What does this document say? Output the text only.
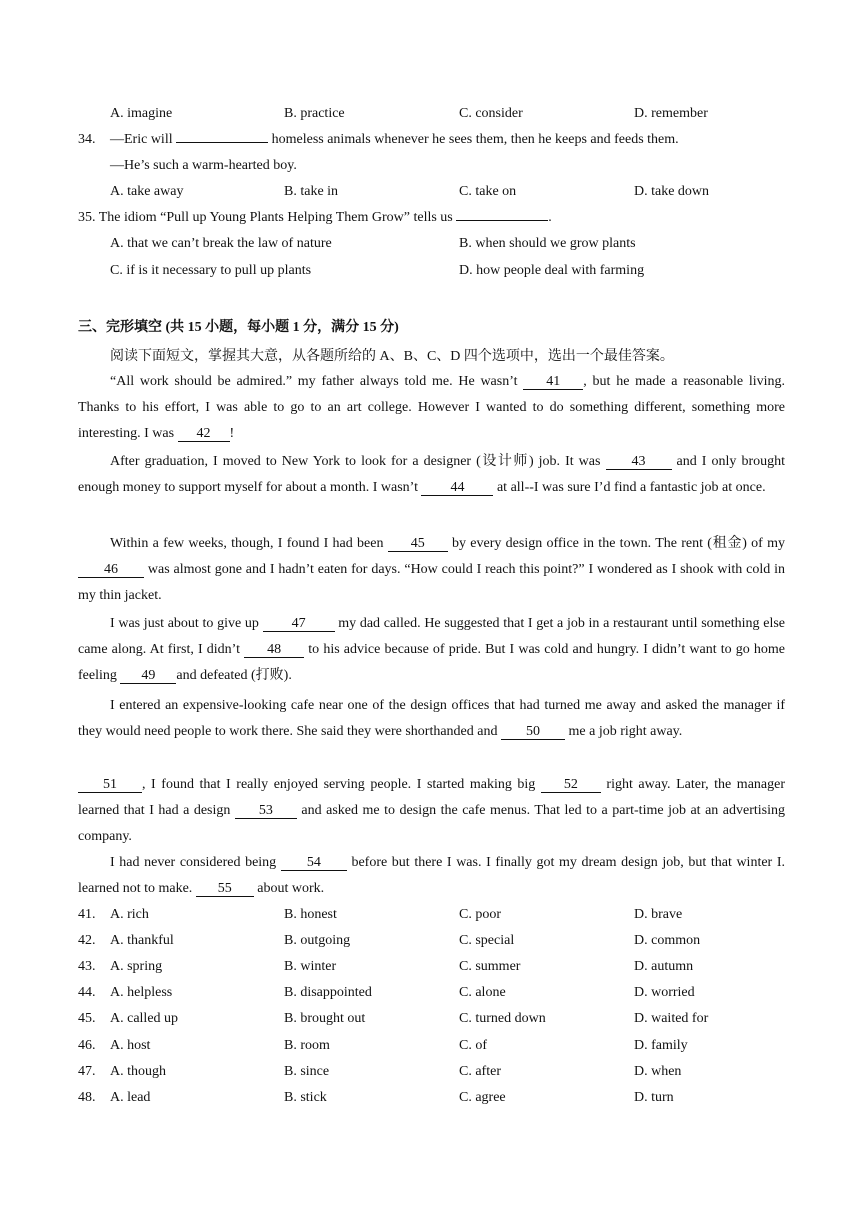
A. imagine	B. practice	C. consider	D. remember
34. —Eric will	homeless animals whenever he sees them, then he keeps and feeds them.
—He’s such a warm-hearted boy.
A. take away	B. take in	C. take on	D. take down
35. The idiom “Pull up Young Plants Helping Them Grow” tells us	.
A. that we can’t break the law of nature	B. when should we grow plants
C. if is it necessary to pull up plants	D. how people deal with farming
三、完形填空 (共 15 小题，每小题 1 分，满分 15 分)
阅读下面短文，掌握其大意，从各题所给的 A、B、C、D 四个选项中，选出一个最佳答案。
“All work should be admired.” my father always told me. He wasn’t 41 , but he made a reasonable living. Thanks to his effort, I was able to go to an art college. However I wanted to do something different, something more interesting. I was 42 !
After graduation, I moved to New York to look for a designer (设计师) job. It was 43 and I only brought enough money to support myself for about a month. I wasn’t 44 at all--I was sure I’d find a fantastic job at once.
Within a few weeks, though, I found I had been 45 by every design office in the town. The rent (租金) of my 46 was almost gone and I hadn’t eaten for days. “How could I reach this point?” I wondered as I shook with cold in my thin jacket.
I was just about to give up 47 my dad called. He suggested that I get a job in a restaurant until something else came along. At first, I didn’t 48 to his advice because of pride. But I was cold and hungry. I didn’t want to go home feeling 49 and defeated (打败).
I entered an expensive-looking cafe near one of the design offices that had turned me away and asked the manager if they would need people to work there. She said they were shorthanded and 50 me a job right away.
51 , I found that I really enjoyed serving people. I started making big 52 right away. Later, the manager learned that I had a design 53 and asked me to design the cafe menus. That led to a part-time job at an advertising company.
I had never considered being 54 before but there I was. I finally got my dream design job, but that winter I. learned not to make. 55 about work.
41. A. rich	B. honest	C. poor	D. brave
42. A. thankful	B. outgoing	C. special	D. common
43. A. spring	B. winter	C. summer	D. autumn
44. A. helpless	B. disappointed	C. alone	D. worried
45. A. called up	B. brought out	C. turned down	D. waited for
46. A. host	B. room	C. of	D. family
47. A. though	B. since	C. after	D. when
48. A. lead	B. stick	C. agree	D. turn
